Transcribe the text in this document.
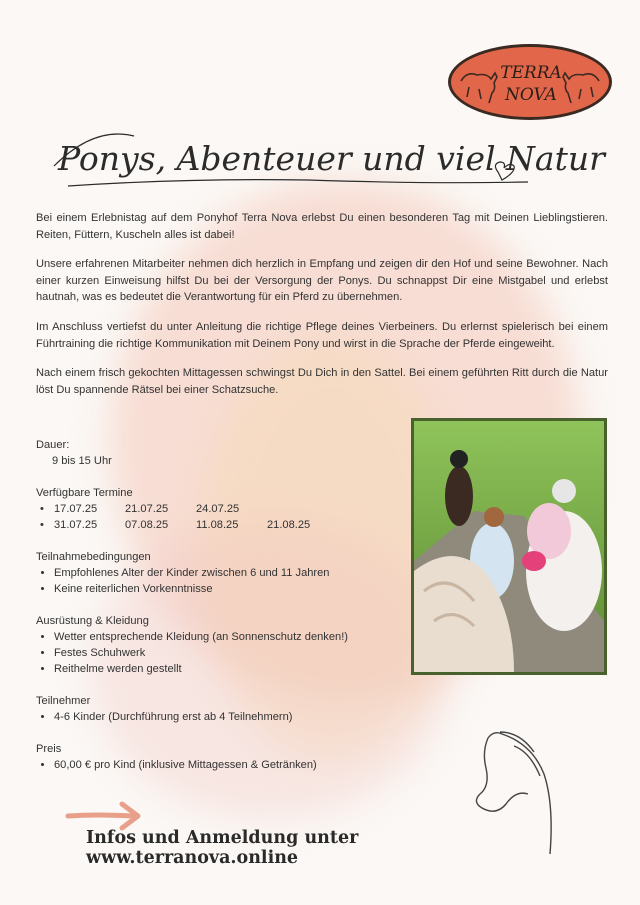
TERRA
NOVA
Ponys, Abenteuer und viel Natur

Bei einem Erlebnistag auf dem Ponyhof Terra Nova erlebst Du einen besonderen Tag mit Deinen Lieblingstieren. Reiten, Füttern, Kuscheln alles ist dabei!

Unsere erfahrenen Mitarbeiter nehmen dich herzlich in Empfang und zeigen dir den Hof und seine Bewohner. Nach einer kurzen Einweisung hilfst Du bei der Versorgung der Ponys. Du schnappst Dir eine Mistgabel und erlebst hautnah, was es bedeutet die Verantwortung für ein Pferd zu übernehmen.

Im Anschluss vertiefst du unter Anleitung die richtige Pflege deines Vierbeiners. Du erlernst spielerisch bei einem Führtraining die richtige Kommunikation mit Deinem Pony und wirst in die Sprache der Pferde eingeweiht.

Nach einem frisch gekochten Mittagessen schwingst Du Dich in den Sattel. Bei einem geführten Ritt durch die Natur löst Du spannende Rätsel bei einer Schatzsuche.

Dauer:
9 bis 15 Uhr
Verfügbare Termine
• 17.07.25	21.07.25	24.07.25
• 31.07.25	07.08.25	11.08.25	21.08.25
Teilnahmebedingungen
• Empfohlenes Alter der Kinder zwischen 6 und 11 Jahren
• Keine reiterlichen Vorkenntnisse
Ausrüstung & Kleidung
• Wetter entsprechende Kleidung (an Sonnenschutz denken!)
• Festes Schuhwerk
• Reithelme werden gestellt
Teilnehmer
• 4-6 Kinder (Durchführung erst ab 4 Teilnehmern)
Preis
• 60,00 € pro Kind (inklusive Mittagessen & Getränken)
Infos und Anmeldung unter www.terranova.online
